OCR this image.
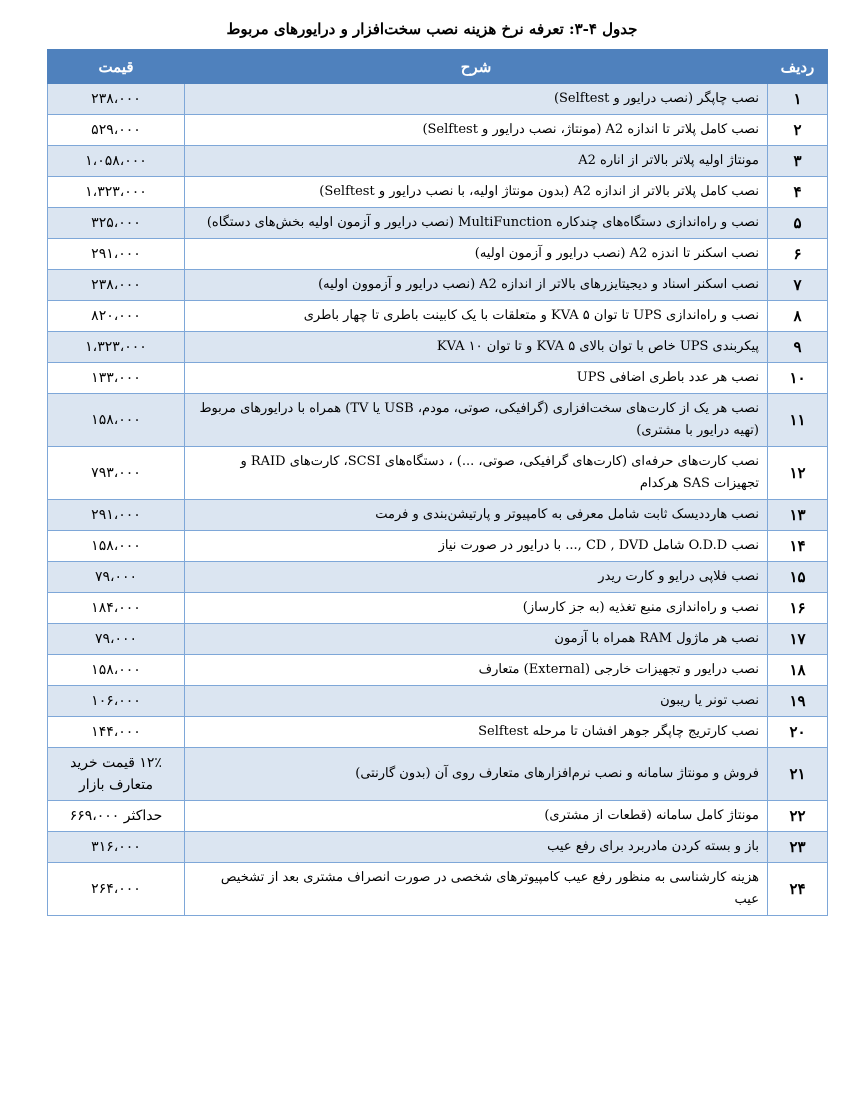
جدول ۴-۳: تعرفه نرخ هزینه نصب سخت‌افزار و درایورهای مربوط
ردیف	شرح	قیمت
۱	نصب چاپگر (نصب درایور و Selftest)	۲۳۸،۰۰۰
۲	نصب کامل پلاتر تا اندازه A2 (مونتاژ، نصب درایور و Selftest)	۵۲۹،۰۰۰
۳	مونتاژ اولیه پلاتر بالاتر از اناره A2	۱،۰۵۸،۰۰۰
۴	نصب کامل پلاتر بالاتر از اندازه A2 (بدون مونتاژ اولیه، با نصب درایور و Selftest)	۱،۳۲۳،۰۰۰
۵	نصب و راه‌اندازی دستگاه‌های چندکاره MultiFunction (نصب درایور و آزمون اولیه بخش‌های دستگاه)	۳۲۵،۰۰۰
۶	نصب اسکنر تا اندزه A2 (نصب درایور و آزمون اولیه)	۲۹۱،۰۰۰
۷	نصب اسکنر اسناد و دیجیتایزرهای بالاتر از اندازه A2 (نصب درایور و آزموون اولیه)	۲۳۸،۰۰۰
۸	نصب و راه‌اندازی UPS تا توان KVA ۵ و متعلقات با یک کابینت باطری تا چهار باطری	۸۲۰،۰۰۰
۹	پیکربندی UPS خاص با توان بالای KVA ۵ و تا توان KVA ۱۰	۱،۳۲۳،۰۰۰
۱۰	نصب هر عدد باطری اضافی UPS	۱۳۳،۰۰۰
۱۱	نصب هر یک از کارت‌های سخت‌افزاری (گرافیکی، صوتی، مودم، USB یا TV) همراه با درایورهای مربوط (تهیه درایور با مشتری)	۱۵۸،۰۰۰
۱۲	نصب کارت‌های حرفه‌ای (کارت‌های گرافیکی، صوتی، ...) ، دستگاه‌های SCSI، کارت‌های RAID و تجهیزات SAS هرکدام	۷۹۳،۰۰۰
۱۳	نصب هارددیسک ثابت شامل معرفی به کامپیوتر و پارتیشن‌بندی و فرمت	۲۹۱،۰۰۰
۱۴	نصب O.D.D شامل CD , DVD ,... با درایور در صورت نیاز	۱۵۸،۰۰۰
۱۵	نصب فلاپی درایو و کارت ریدر	۷۹،۰۰۰
۱۶	نصب و راه‌اندازی منبع تغذیه (به جز کارساز)	۱۸۴،۰۰۰
۱۷	نصب هر ماژول RAM همراه با آزمون	۷۹،۰۰۰
۱۸	نصب درایور و تجهیزات خارجی (External) متعارف	۱۵۸،۰۰۰
۱۹	نصب تونر یا ریبون	۱۰۶،۰۰۰
۲۰	نصب کارتریج چاپگر جوهر افشان تا مرحله Selftest	۱۴۴،۰۰۰
۲۱	فروش و مونتاژ سامانه و نصب نرم‌افزارهای متعارف روی آن (بدون گارنتی)	۱۲٪ قیمت خرید متعارف بازار
۲۲	مونتاژ کامل سامانه (قطعات از مشتری)	حداکثر ۶۶۹،۰۰۰
۲۳	باز و بسته کردن مادربرد برای رفع عیب	۳۱۶،۰۰۰
۲۴	هزینه کارشناسی به منظور رفع عیب کامپیوترهای شخصی در صورت انصراف مشتری بعد از تشخیص عیب	۲۶۴،۰۰۰
